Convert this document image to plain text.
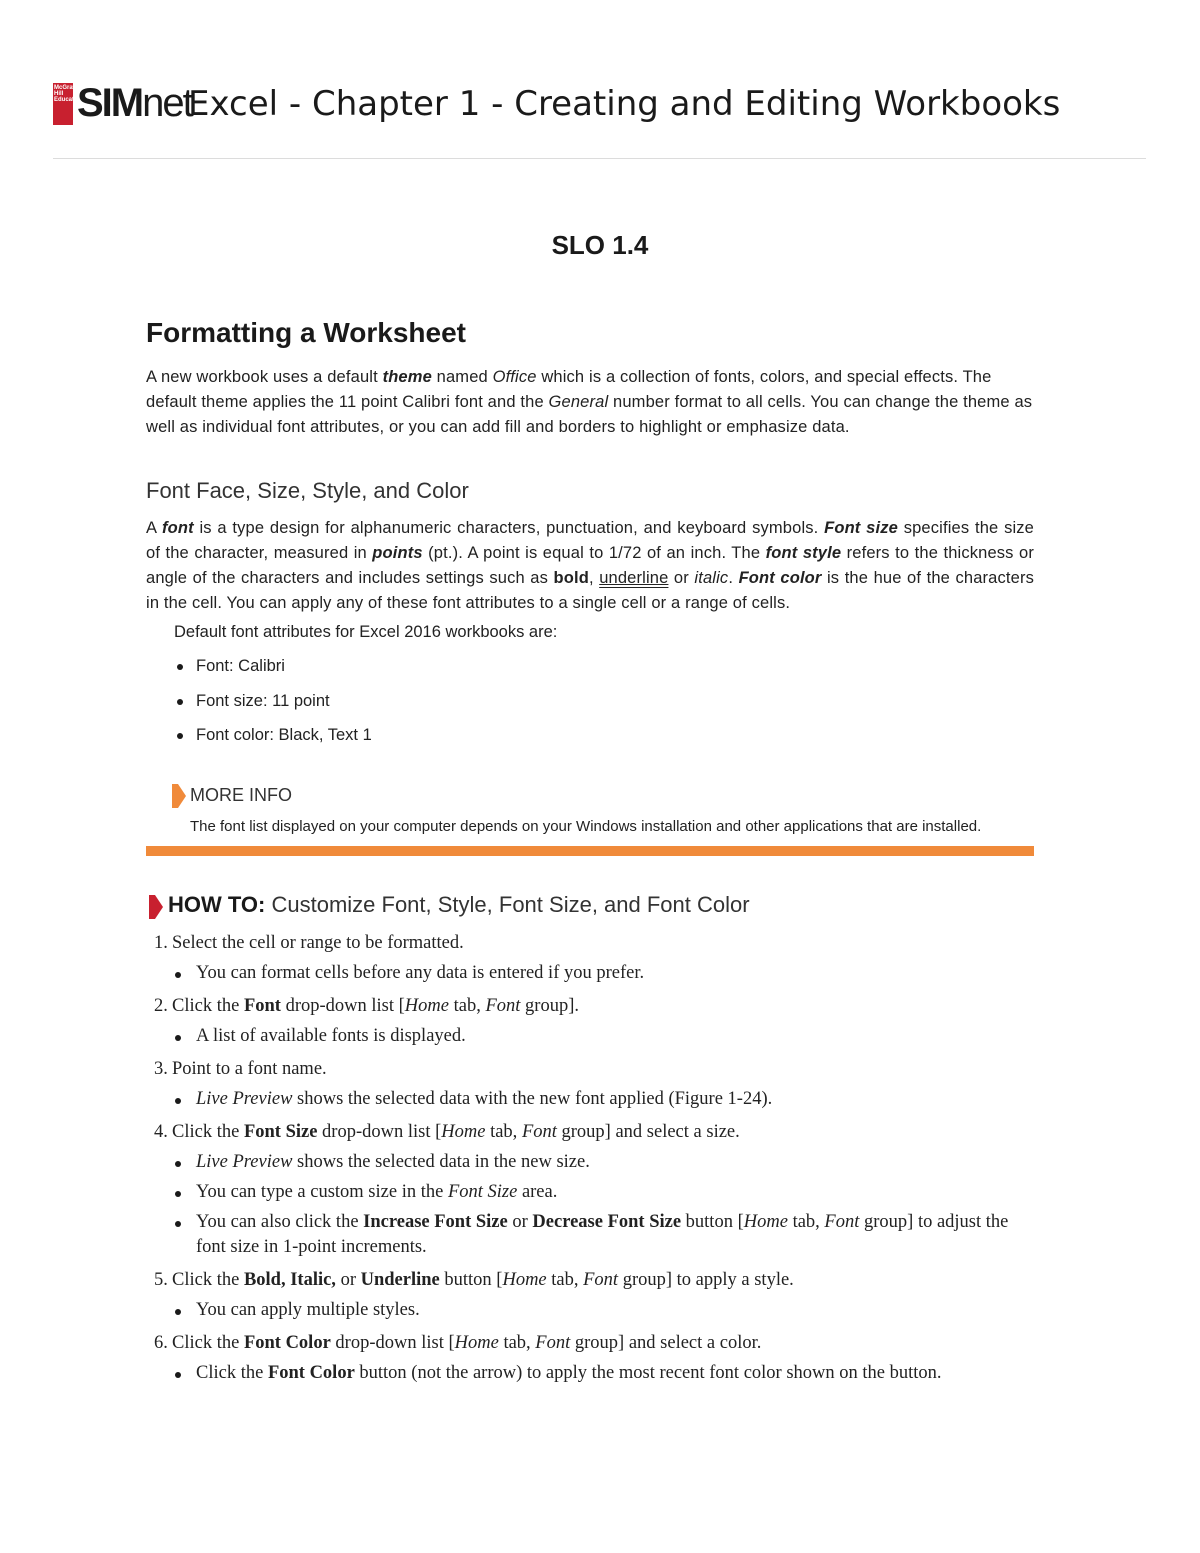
McGraw Hill Education
SIMnet
Excel - Chapter 1 - Creating and Editing Workbooks
SLO 1.4
Formatting a Worksheet

A new workbook uses a default theme named Office which is a collection of fonts, colors, and special effects. The default theme applies the 11 point Calibri font and the General number format to all cells. You can change the theme as well as individual font attributes, or you can add fill and borders to highlight or emphasize data.

Font Face, Size, Style, and Color

A font is a type design for alphanumeric characters, punctuation, and keyboard symbols. Font size specifies the size of the character, measured in points (pt.). A point is equal to 1/72 of an inch. The font style refers to the thickness or angle of the characters and includes settings such as bold, underline or italic. Font color is the hue of the characters in the cell. You can apply any of these font attributes to a single cell or a range of cells.

Default font attributes for Excel 2016 workbooks are:

Font: Calibri
Font size: 11 point
Font color: Black, Text 1
MORE INFO

The font list displayed on your computer depends on your Windows installation and other applications that are installed.

HOW TO: Customize Font, Style, Font Size, and Font Color
1. Select the cell or range to be formatted.
You can format cells before any data is entered if you prefer.
2. Click the Font drop-down list [Home tab, Font group].
A list of available fonts is displayed.
3. Point to a font name.
Live Preview shows the selected data with the new font applied (Figure 1-24).
4. Click the Font Size drop-down list [Home tab, Font group] and select a size.
Live Preview shows the selected data in the new size.
You can type a custom size in the Font Size area.
You can also click the Increase Font Size or Decrease Font Size button [Home tab, Font group] to adjust the font size in 1-point increments.
5. Click the Bold, Italic, or Underline button [Home tab, Font group] to apply a style.
You can apply multiple styles.
6. Click the Font Color drop-down list [Home tab, Font group] and select a color.
Click the Font Color button (not the arrow) to apply the most recent font color shown on the button.
